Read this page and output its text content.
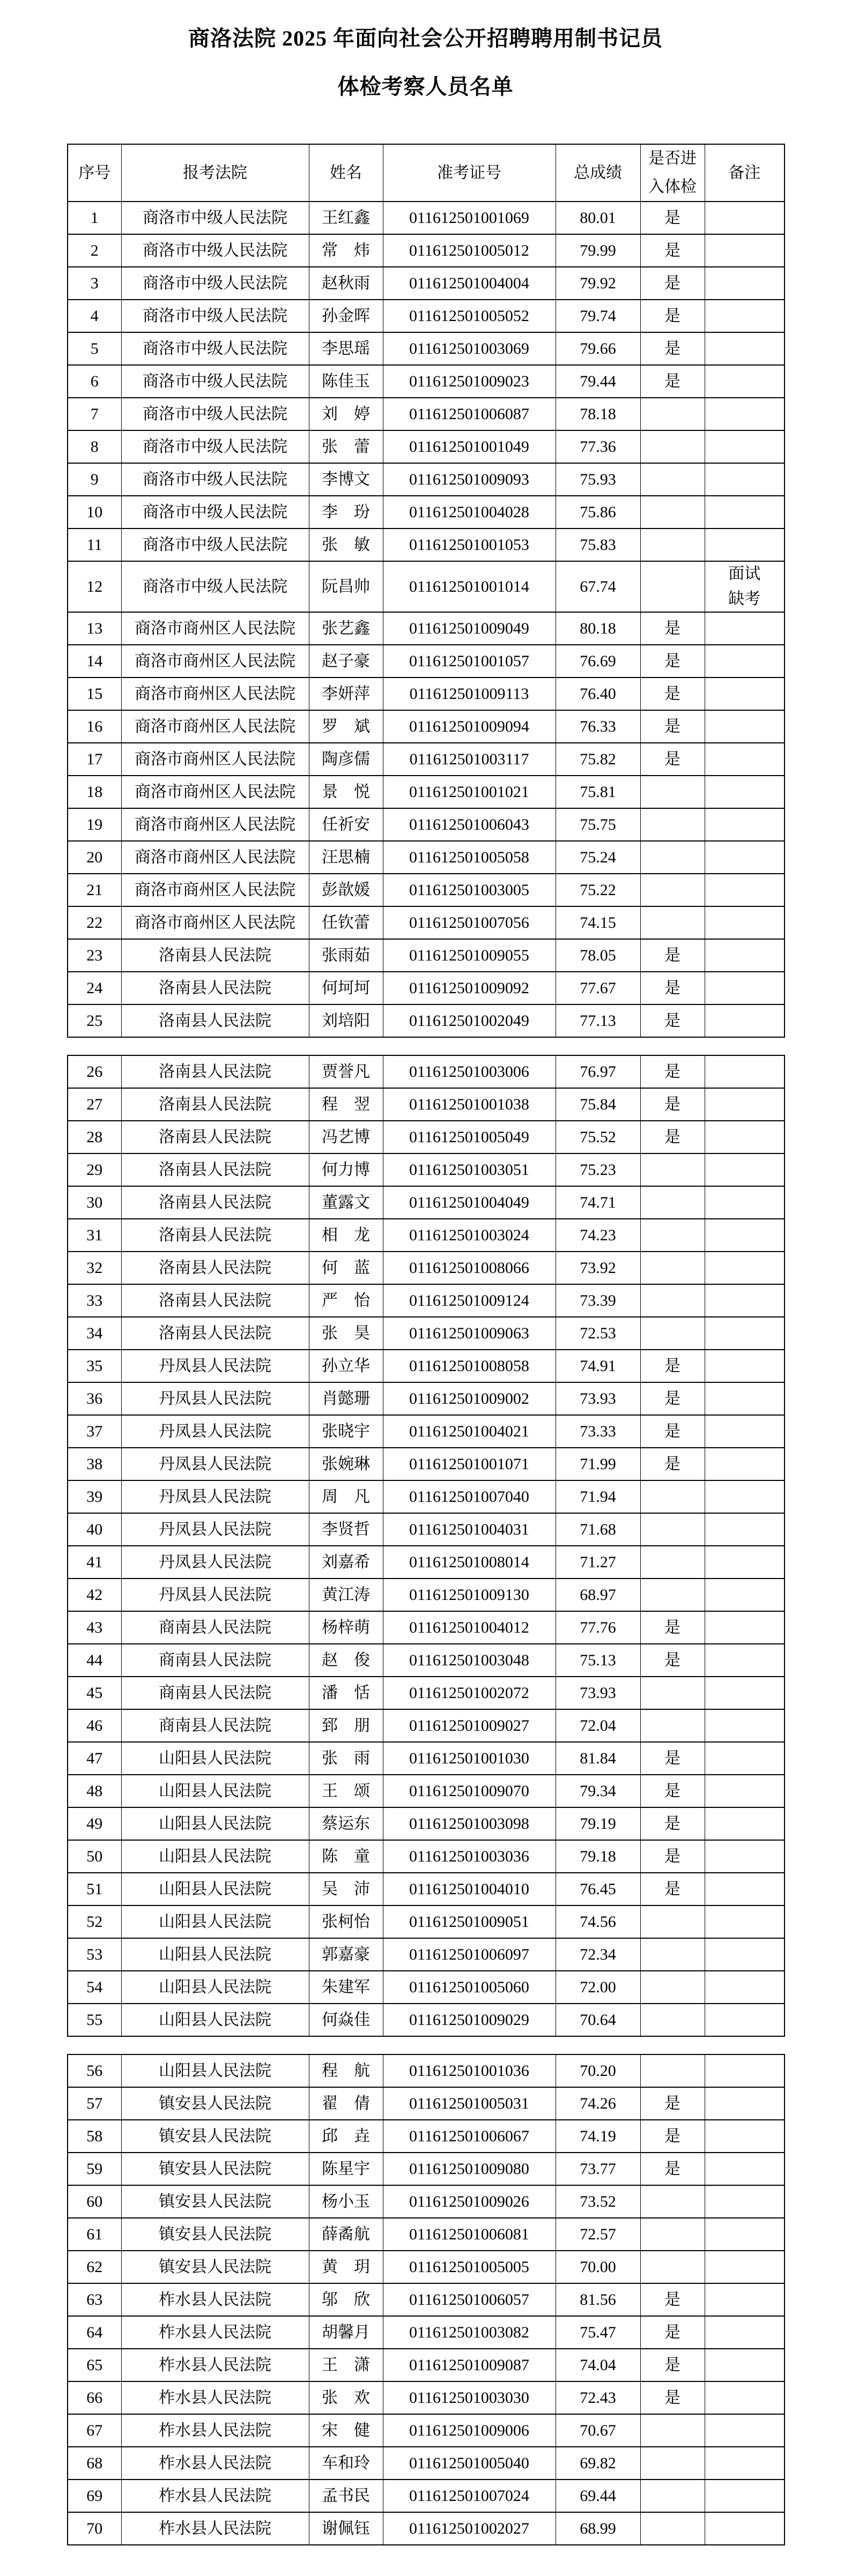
商洛法院 2025 年面向社会公开招聘聘用制书记员
体检考察人员名单
序号	报考法院	姓名	准考证号	总成绩	是否进入体检	备注
1	商洛市中级人民法院	王红鑫	011612501001069	80.01	是	
2	商洛市中级人民法院	常　炜	011612501005012	79.99	是	
3	商洛市中级人民法院	赵秋雨	011612501004004	79.92	是	
4	商洛市中级人民法院	孙金晖	011612501005052	79.74	是	
5	商洛市中级人民法院	李思瑶	011612501003069	79.66	是	
6	商洛市中级人民法院	陈佳玉	011612501009023	79.44	是	
7	商洛市中级人民法院	刘　婷	011612501006087	78.18		
8	商洛市中级人民法院	张　蕾	011612501001049	77.36		
9	商洛市中级人民法院	李博文	011612501009093	75.93		
10	商洛市中级人民法院	李　玢	011612501004028	75.86		
11	商洛市中级人民法院	张　敏	011612501001053	75.83		
12	商洛市中级人民法院	阮昌帅	011612501001014	67.74		面试缺考
13	商洛市商州区人民法院	张艺鑫	011612501009049	80.18	是	
14	商洛市商州区人民法院	赵子豪	011612501001057	76.69	是	
15	商洛市商州区人民法院	李妍萍	011612501009113	76.40	是	
16	商洛市商州区人民法院	罗　斌	011612501009094	76.33	是	
17	商洛市商州区人民法院	陶彦儒	011612501003117	75.82	是	
18	商洛市商州区人民法院	景　悦	011612501001021	75.81		
19	商洛市商州区人民法院	任祈安	011612501006043	75.75		
20	商洛市商州区人民法院	汪思楠	011612501005058	75.24		
21	商洛市商州区人民法院	彭歆媛	011612501003005	75.22		
22	商洛市商州区人民法院	任钦蕾	011612501007056	74.15		
23	洛南县人民法院	张雨茹	011612501009055	78.05	是	
24	洛南县人民法院	何坷坷	011612501009092	77.67	是	
25	洛南县人民法院	刘培阳	011612501002049	77.13	是	
26	洛南县人民法院	贾誉凡	011612501003006	76.97	是	
27	洛南县人民法院	程　翌	011612501001038	75.84	是	
28	洛南县人民法院	冯艺博	011612501005049	75.52	是	
29	洛南县人民法院	何力博	011612501003051	75.23		
30	洛南县人民法院	董露文	011612501004049	74.71		
31	洛南县人民法院	相　龙	011612501003024	74.23		
32	洛南县人民法院	何　蓝	011612501008066	73.92		
33	洛南县人民法院	严　怡	011612501009124	73.39		
34	洛南县人民法院	张　昊	011612501009063	72.53		
35	丹凤县人民法院	孙立华	011612501008058	74.91	是	
36	丹凤县人民法院	肖懿珊	011612501009002	73.93	是	
37	丹凤县人民法院	张晓宇	011612501004021	73.33	是	
38	丹凤县人民法院	张婉琳	011612501001071	71.99	是	
39	丹凤县人民法院	周　凡	011612501007040	71.94		
40	丹凤县人民法院	李贤哲	011612501004031	71.68		
41	丹凤县人民法院	刘嘉希	011612501008014	71.27		
42	丹凤县人民法院	黄江涛	011612501009130	68.97		
43	商南县人民法院	杨梓萌	011612501004012	77.76	是	
44	商南县人民法院	赵　俊	011612501003048	75.13	是	
45	商南县人民法院	潘　恬	011612501002072	73.93		
46	商南县人民法院	郅　朋	011612501009027	72.04		
47	山阳县人民法院	张　雨	011612501001030	81.84	是	
48	山阳县人民法院	王　颂	011612501009070	79.34	是	
49	山阳县人民法院	蔡运东	011612501003098	79.19	是	
50	山阳县人民法院	陈　童	011612501003036	79.18	是	
51	山阳县人民法院	吴　沛	011612501004010	76.45	是	
52	山阳县人民法院	张柯怡	011612501009051	74.56		
53	山阳县人民法院	郭嘉豪	011612501006097	72.34		
54	山阳县人民法院	朱建军	011612501005060	72.00		
55	山阳县人民法院	何焱佳	011612501009029	70.64		
56	山阳县人民法院	程　航	011612501001036	70.20		
57	镇安县人民法院	翟　倩	011612501005031	74.26	是	
58	镇安县人民法院	邱　垚	011612501006067	74.19	是	
59	镇安县人民法院	陈星宇	011612501009080	73.77	是	
60	镇安县人民法院	杨小玉	011612501009026	73.52		
61	镇安县人民法院	薛矞航	011612501006081	72.57		
62	镇安县人民法院	黄　玥	011612501005005	70.00		
63	柞水县人民法院	邬　欣	011612501006057	81.56	是	
64	柞水县人民法院	胡馨月	011612501003082	75.47	是	
65	柞水县人民法院	王　潇	011612501009087	74.04	是	
66	柞水县人民法院	张　欢	011612501003030	72.43	是	
67	柞水县人民法院	宋　健	011612501009006	70.67		
68	柞水县人民法院	车和玲	011612501005040	69.82		
69	柞水县人民法院	孟书民	011612501007024	69.44		
70	柞水县人民法院	谢佩钰	011612501002027	68.99		
